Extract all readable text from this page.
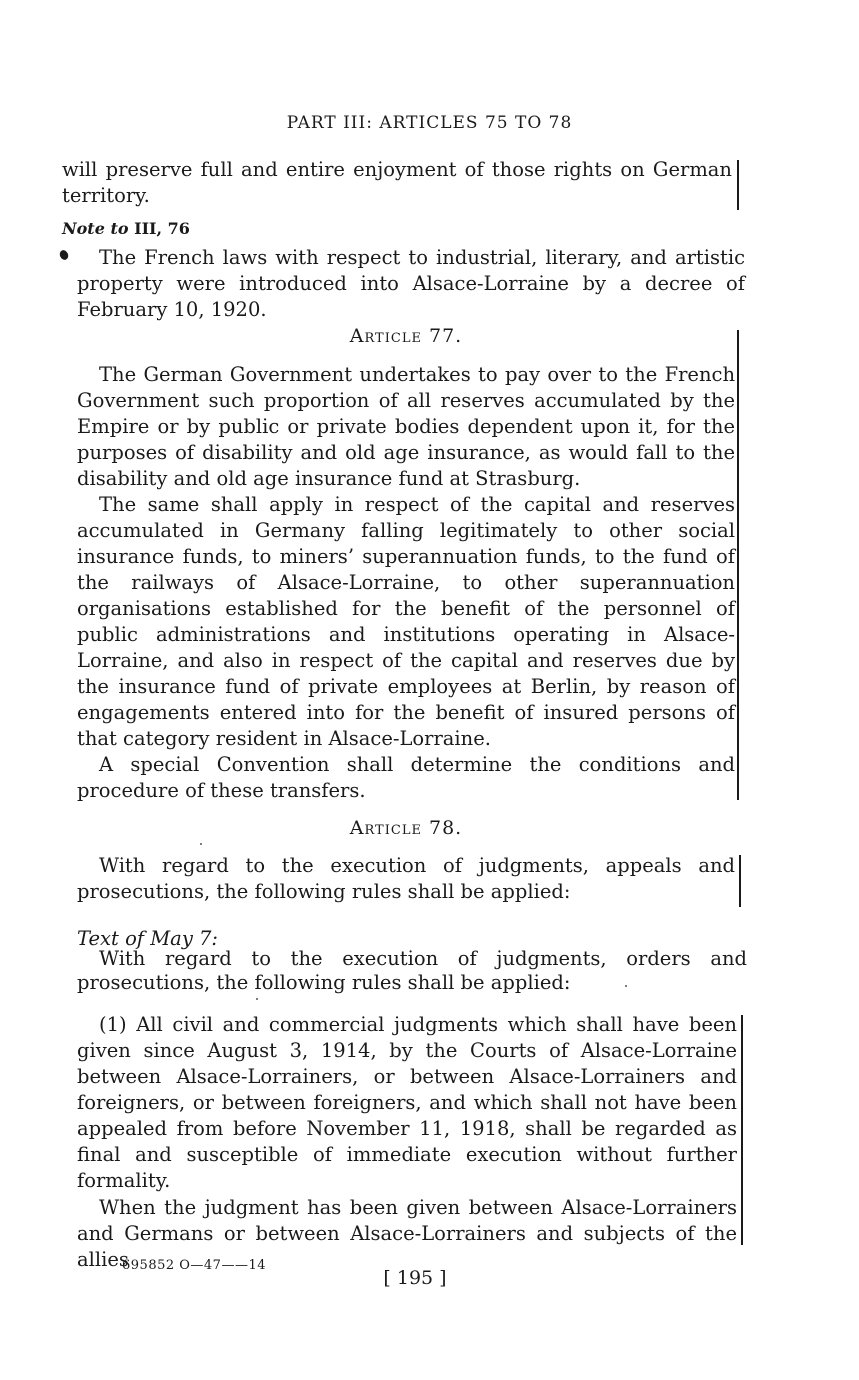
PART III: ARTICLES 75 TO 78
will preserve full and entire enjoyment of those rights on German territory.
Note to III, 76
The French laws with respect to industrial, literary, and artistic property were introduced into Alsace-Lorraine by a decree of February 10, 1920.
Article 77.
The German Government undertakes to pay over to the French Government such proportion of all reserves accumulated by the Empire or by public or private bodies dependent upon it, for the purposes of disability and old age insurance, as would fall to the disability and old age insurance fund at Strasburg.
The same shall apply in respect of the capital and reserves accumulated in Germany falling legitimately to other social insurance funds, to miners’ superannuation funds, to the fund of the railways of Alsace-Lorraine, to other superannuation organisations established for the benefit of the personnel of public administrations and institutions operating in Alsace-Lorraine, and also in respect of the capital and reserves due by the insurance fund of private employees at Berlin, by reason of engagements entered into for the benefit of insured persons of that category resident in Alsace-Lorraine.
A special Convention shall determine the conditions and procedure of these transfers.
Article 78.
With regard to the execution of judgments, appeals and prosecutions, the following rules shall be applied:
Text of May 7:
With regard to the execution of judgments, orders and prosecutions, the following rules shall be applied:
(1) All civil and commercial judgments which shall have been given since August 3, 1914, by the Courts of Alsace-Lorraine between Alsace-Lorrainers, or between Alsace-Lorrainers and foreigners, or between foreigners, and which shall not have been appealed from before November 11, 1918, shall be regarded as final and susceptible of immediate execution without further formality.
When the judgment has been given between Alsace-Lorrainers and Germans or between Alsace-Lorrainers and subjects of the allies
695852 O—47——14
[ 195 ]
